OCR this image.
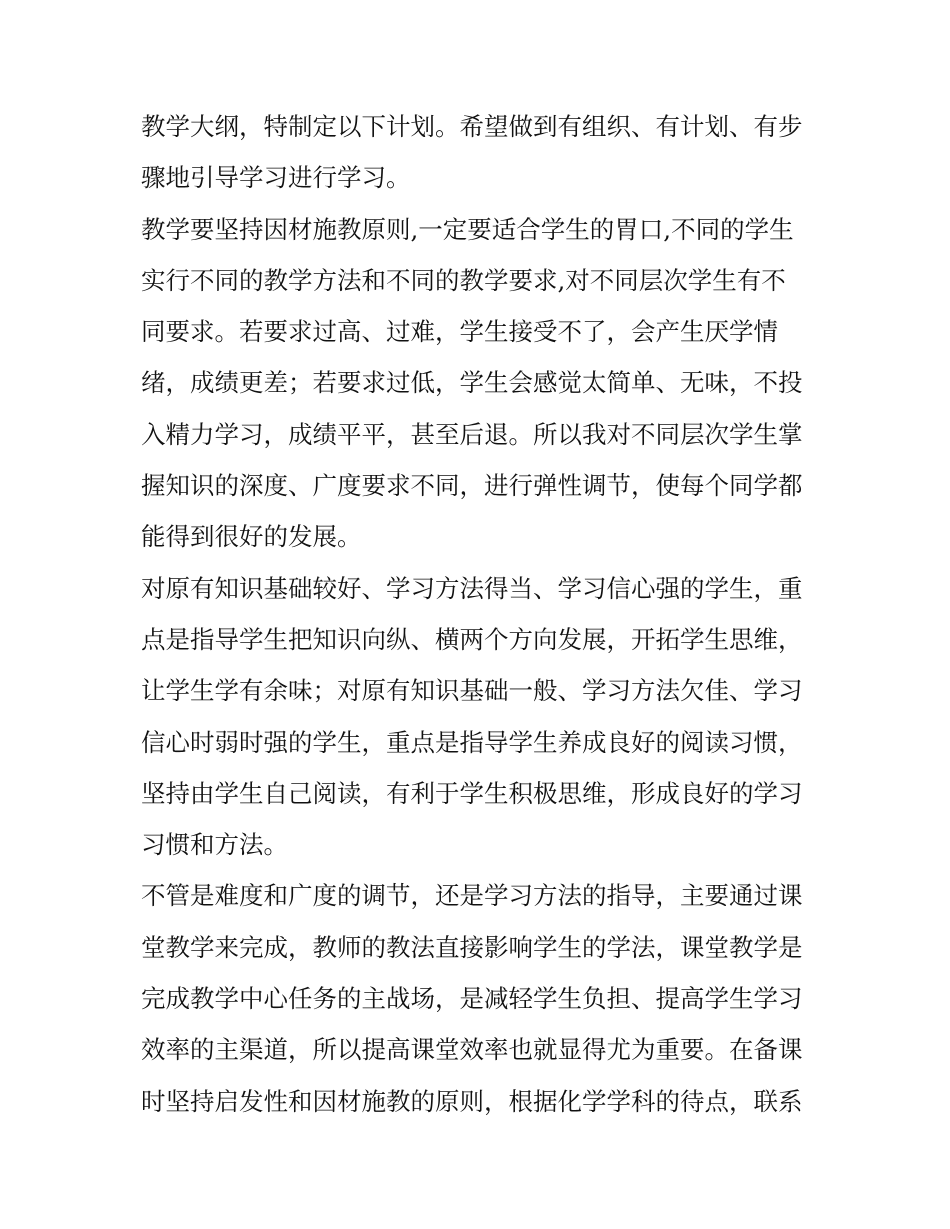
教学大纲，特制定以下计划。希望做到有组织、有计划、有步
骤地引导学习进行学习。
教学要坚持因材施教原则,一定要适合学生的胃口,不同的学生
实行不同的教学方法和不同的教学要求,对不同层次学生有不
同要求。若要求过高、过难，学生接受不了，会产生厌学情
绪，成绩更差；若要求过低，学生会感觉太简单、无味，不投
入精力学习，成绩平平，甚至后退。所以我对不同层次学生掌
握知识的深度、广度要求不同，进行弹性调节，使每个同学都
能得到很好的发展。
对原有知识基础较好、学习方法得当、学习信心强的学生，重
点是指导学生把知识向纵、横两个方向发展，开拓学生思维，
让学生学有余味；对原有知识基础一般、学习方法欠佳、学习
信心时弱时强的学生，重点是指导学生养成良好的阅读习惯，
坚持由学生自己阅读，有利于学生积极思维，形成良好的学习
习惯和方法。
不管是难度和广度的调节，还是学习方法的指导，主要通过课
堂教学来完成，教师的教法直接影响学生的学法，课堂教学是
完成教学中心任务的主战场，是减轻学生负担、提高学生学习
效率的主渠道，所以提高课堂效率也就显得尤为重要。在备课
时坚持启发性和因材施教的原则，根据化学学科的待点，联系
